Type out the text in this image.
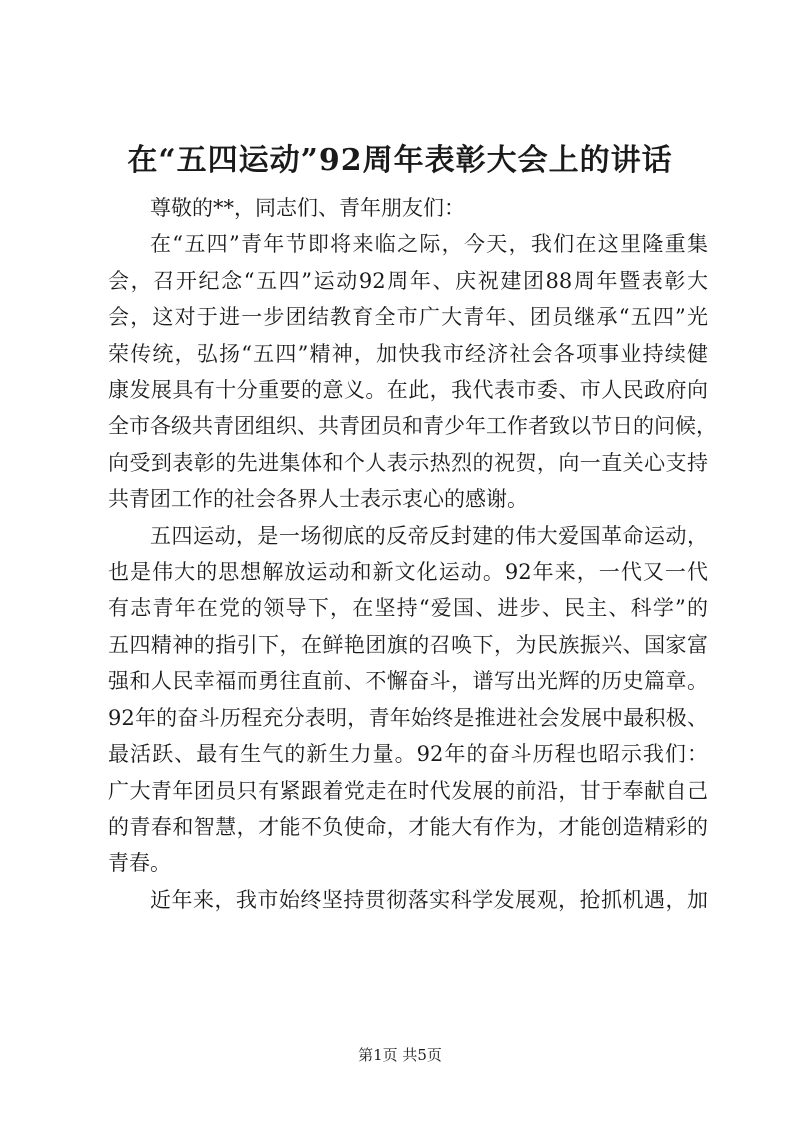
在“五四运动”92周年表彰大会上的讲话
尊敬的**，同志们、青年朋友们：
在“五四”青年节即将来临之际，今天，我们在这里隆重集
会，召开纪念“五四”运动92周年、庆祝建团88周年暨表彰大
会，这对于进一步团结教育全市广大青年、团员继承“五四”光
荣传统，弘扬“五四”精神，加快我市经济社会各项事业持续健
康发展具有十分重要的意义。在此，我代表市委、市人民政府向
全市各级共青团组织、共青团员和青少年工作者致以节日的问候，
向受到表彰的先进集体和个人表示热烈的祝贺，向一直关心支持
共青团工作的社会各界人士表示衷心的感谢。
五四运动，是一场彻底的反帝反封建的伟大爱国革命运动，
也是伟大的思想解放运动和新文化运动。92年来，一代又一代
有志青年在党的领导下，在坚持“爱国、进步、民主、科学”的
五四精神的指引下，在鲜艳团旗的召唤下，为民族振兴、国家富
强和人民幸福而勇往直前、不懈奋斗，谱写出光辉的历史篇章。
92年的奋斗历程充分表明，青年始终是推进社会发展中最积极、
最活跃、最有生气的新生力量。92年的奋斗历程也昭示我们：
广大青年团员只有紧跟着党走在时代发展的前沿，甘于奉献自己
的青春和智慧，才能不负使命，才能大有作为，才能创造精彩的
青春。
近年来，我市始终坚持贯彻落实科学发展观，抢抓机遇，加
第1页 共5页
